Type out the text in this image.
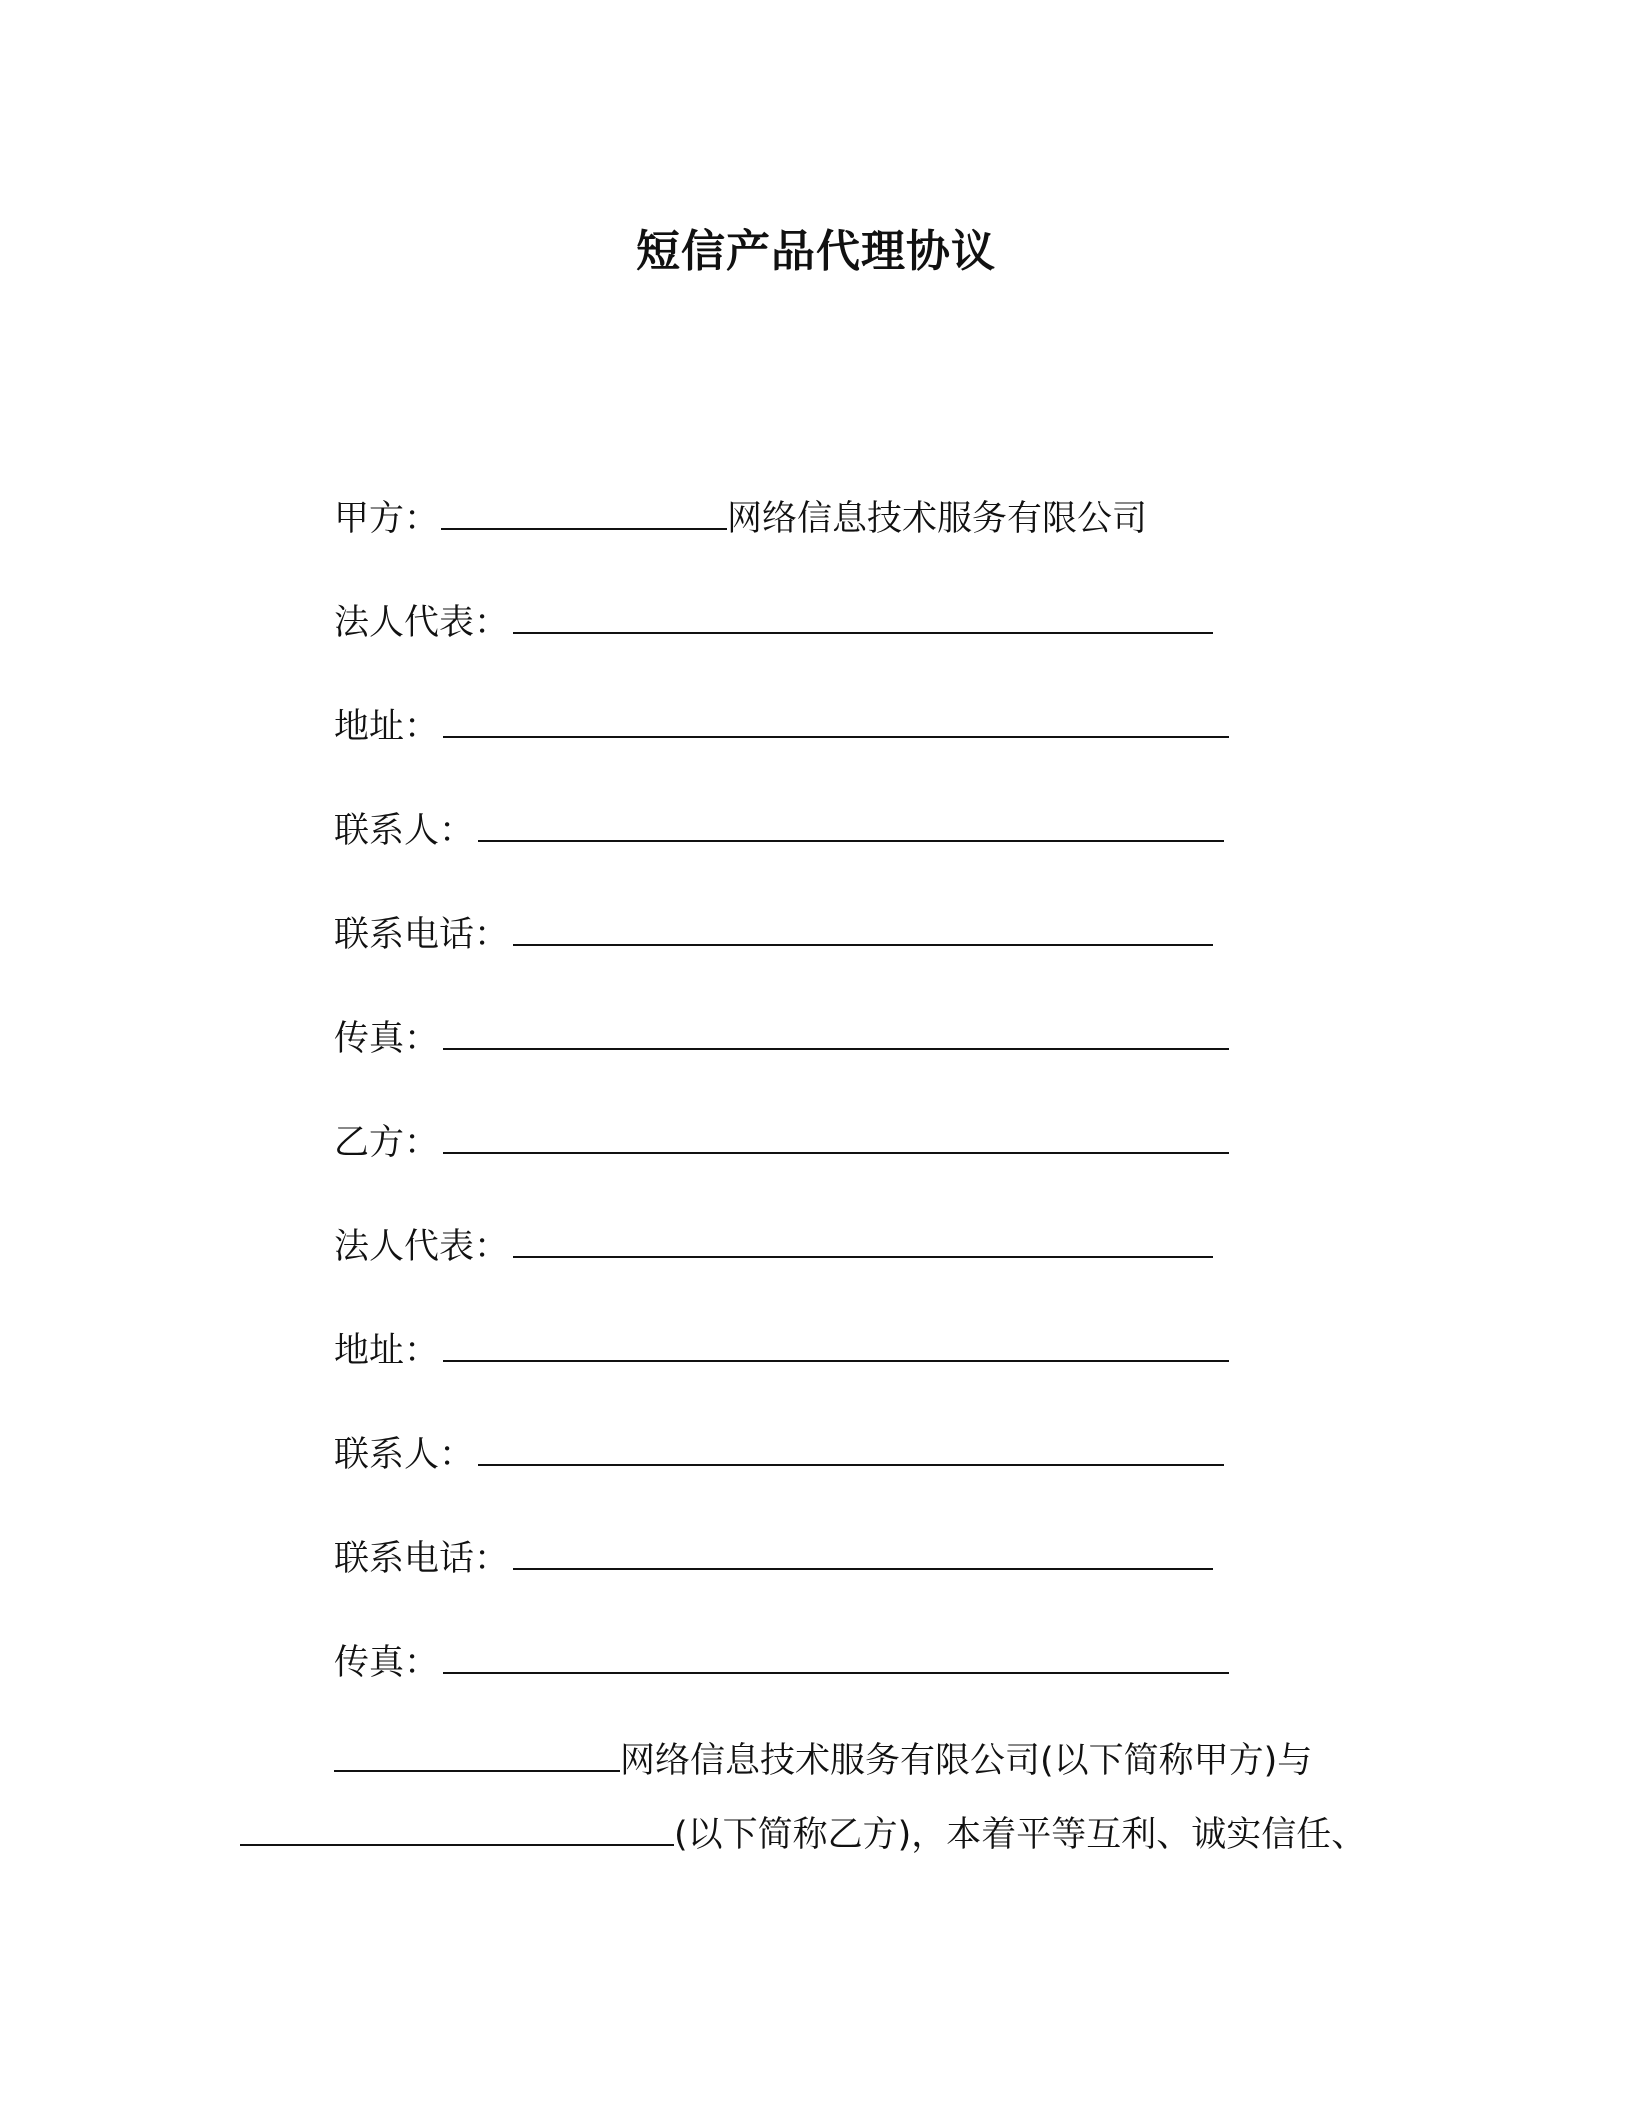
短信产品代理协议
甲方：	网络信息技术服务有限公司
法人代表：
地址：
联系人：
联系电话：
传真：
乙方：
法人代表：
地址：
联系人：
联系电话：
传真：
网络信息技术服务有限公司(以下简称甲方)与
(以下简称乙方)，本着平等互利、诚实信任、
